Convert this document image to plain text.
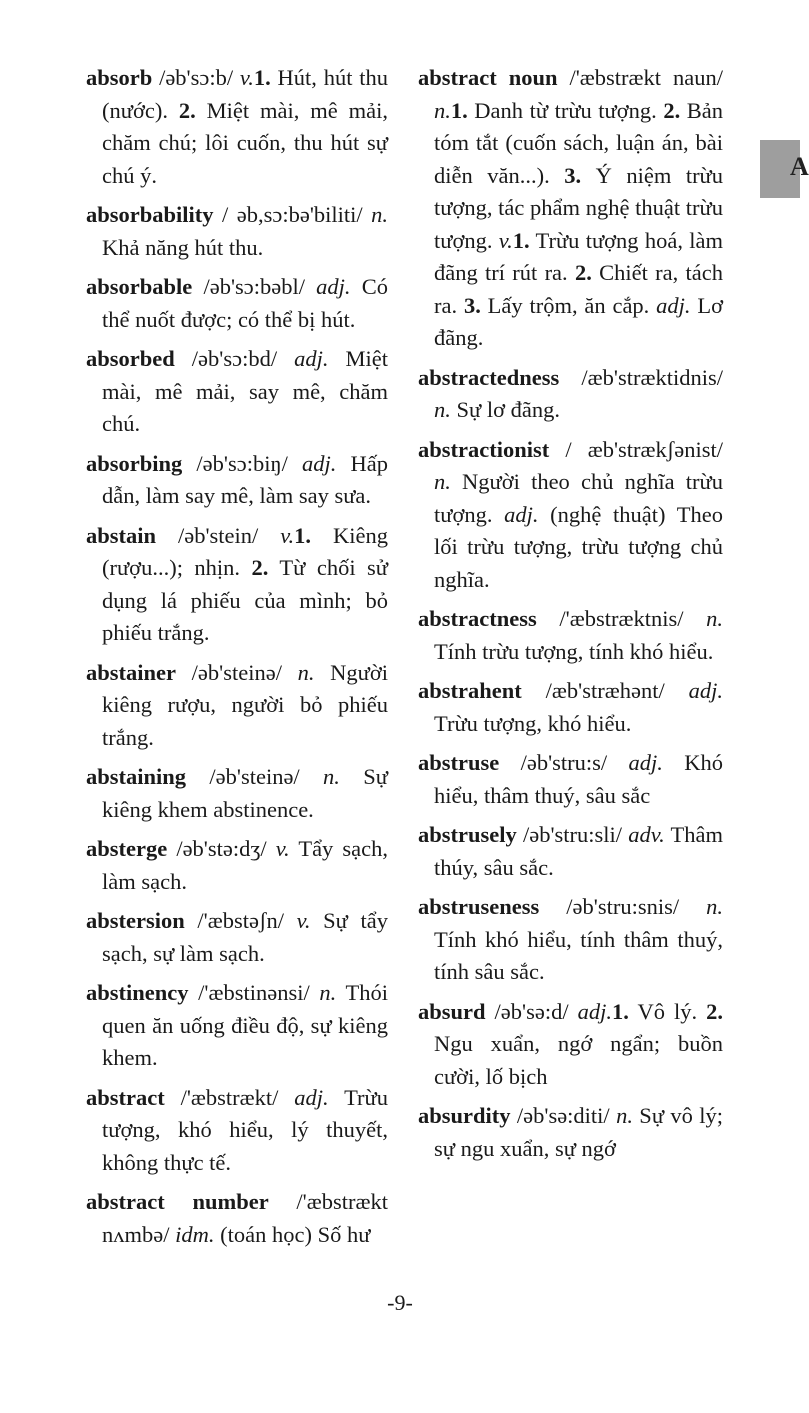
absorb /əb'sɔ:b/ v.1. Hút, hút thu (nước). 2. Miệt mài, mê mải, chăm chú; lôi cuốn, thu hút sự chú ý.
absorbability / əb,sɔ:bə'biliti/ n. Khả năng hút thu.
absorbable /əb'sɔ:bəbl/ adj. Có thể nuốt được; có thể bị hút.
absorbed /əb'sɔ:bd/ adj. Miệt mài, mê mải, say mê, chăm chú.
absorbing /əb'sɔ:biŋ/ adj. Hấp dẫn, làm say mê, làm say sưa.
abstain /əb'stein/ v.1. Kiêng (rượu...); nhịn. 2. Từ chối sử dụng lá phiếu của mình; bỏ phiếu trắng.
abstainer /əb'steinə/ n. Người kiêng rượu, người bỏ phiếu trắng.
abstaining /əb'steinə/ n. Sự kiêng khem abstinence.
absterge /əb'stə:dʒ/ v. Tẩy sạch, làm sạch.
abstersion /'æbstəʃn/ v. Sự tẩy sạch, sự làm sạch.
abstinency /'æbstinənsi/ n. Thói quen ăn uống điều độ, sự kiêng khem.
abstract /'æbstrækt/ adj. Trừu tượng, khó hiểu, lý thuyết, không thực tế.
abstract number /'æbstrækt nʌmbə/ idm. (toán học) Số hư
abstract noun /'æbstrækt naun/ n.1. Danh từ trừu tượng. 2. Bản tóm tắt (cuốn sách, luận án, bài diễn văn...). 3. Ý niệm trừu tượng, tác phẩm nghệ thuật trừu tượng. v.1. Trừu tượng hoá, làm đãng trí rút ra. 2. Chiết ra, tách ra. 3. Lấy trộm, ăn cắp. adj. Lơ đãng.
abstractedness /æb'stræktidnis/ n. Sự lơ đãng.
abstractionist / æb'strækʃənist/ n. Người theo chủ nghĩa trừu tượng. adj. (nghệ thuật) Theo lối trừu tượng, trừu tượng chủ nghĩa.
abstractness /'æbstræktnis/ n. Tính trừu tượng, tính khó hiểu.
abstrahent /æb'stræhənt/ adj. Trừu tượng, khó hiểu.
abstruse /əb'stru:s/ adj. Khó hiểu, thâm thuý, sâu sắc
abstrusely /əb'stru:sli/ adv. Thâm thúy, sâu sắc.
abstruseness /əb'stru:snis/ n. Tính khó hiểu, tính thâm thuý, tính sâu sắc.
absurd /əb'sə:d/ adj.1. Vô lý. 2. Ngu xuẩn, ngớ ngẩn; buồn cười, lố bịch
absurdity /əb'sə:diti/ n. Sự vô lý; sự ngu xuẩn, sự ngớ
A
-9-
